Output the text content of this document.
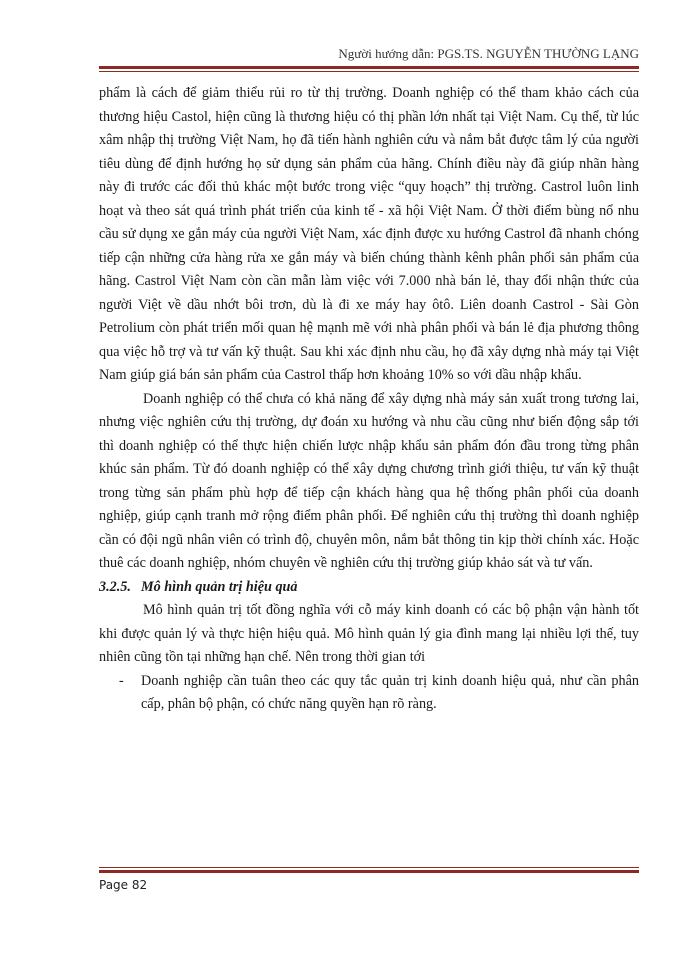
Người hướng dẫn: PGS.TS. NGUYỄN THƯỜNG LẠNG

phẩm là cách để giảm thiểu rủi ro từ thị trường. Doanh nghiệp có thể tham khảo cách của thương hiệu Castol, hiện cũng là thương hiệu có thị phần lớn nhất tại Việt Nam. Cụ thể, từ lúc xâm nhập thị trường Việt Nam, họ đã tiến hành nghiên cứu và nắm bắt được tâm lý của người tiêu dùng để định hướng họ sử dụng sản phẩm của hãng. Chính điều này đã giúp nhãn hàng này đi trước các đối thủ khác một bước trong việc “quy hoạch” thị trường. Castrol luôn linh hoạt và theo sát quá trình phát triển của kinh tế - xã hội Việt Nam. Ở thời điểm bùng nổ nhu cầu sử dụng xe gắn máy của người Việt Nam, xác định được xu hướng Castrol đã nhanh chóng tiếp cận những cửa hàng rửa xe gắn máy và biến chúng thành kênh phân phối sản phẩm của hãng. Castrol Việt Nam còn cần mẫn làm việc với 7.000 nhà bán lẻ, thay đổi nhận thức của người Việt về dầu nhớt bôi trơn, dù là đi xe máy hay ôtô. Liên doanh Castrol - Sài Gòn Petrolium còn phát triển mối quan hệ mạnh mẽ với nhà phân phối và bán lẻ địa phương thông qua việc hỗ trợ và tư vấn kỹ thuật. Sau khi xác định nhu cầu, họ đã xây dựng nhà máy tại Việt Nam giúp giá bán sản phẩm của Castrol thấp hơn khoảng 10% so với dầu nhập khẩu.

Doanh nghiệp có thể chưa có khả năng để xây dựng nhà máy sản xuất trong tương lai, nhưng việc nghiên cứu thị trường, dự đoán xu hướng và nhu cầu cũng như biến động sắp tới thì doanh nghiệp có thể thực hiện chiến lược nhập khẩu sản phẩm đón đầu trong từng phân khúc sản phẩm. Từ đó doanh nghiệp có thể xây dựng chương trình giới thiệu, tư vấn kỹ thuật trong từng sản phẩm phù hợp để tiếp cận khách hàng qua hệ thống phân phối của doanh nghiệp, giúp cạnh tranh mở rộng điểm phân phối. Để nghiên cứu thị trường thì doanh nghiệp cần có đội ngũ nhân viên có trình độ, chuyên môn, nắm bắt thông tin kịp thời chính xác. Hoặc thuê các doanh nghiệp, nhóm chuyên về nghiên cứu thị trường giúp khảo sát và tư vấn.

3.2.5. Mô hình quản trị hiệu quả

Mô hình quản trị tốt đồng nghĩa với cỗ máy kinh doanh có các bộ phận vận hành tốt khi được quản lý và thực hiện hiệu quả. Mô hình quản lý gia đình mang lại nhiều lợi thế, tuy nhiên cũng tồn tại những hạn chế. Nên trong thời gian tới

- Doanh nghiệp cần tuân theo các quy tắc quản trị kinh doanh hiệu quả, như cần phân cấp, phân bộ phận, có chức năng quyền hạn rõ ràng.

Page 82
